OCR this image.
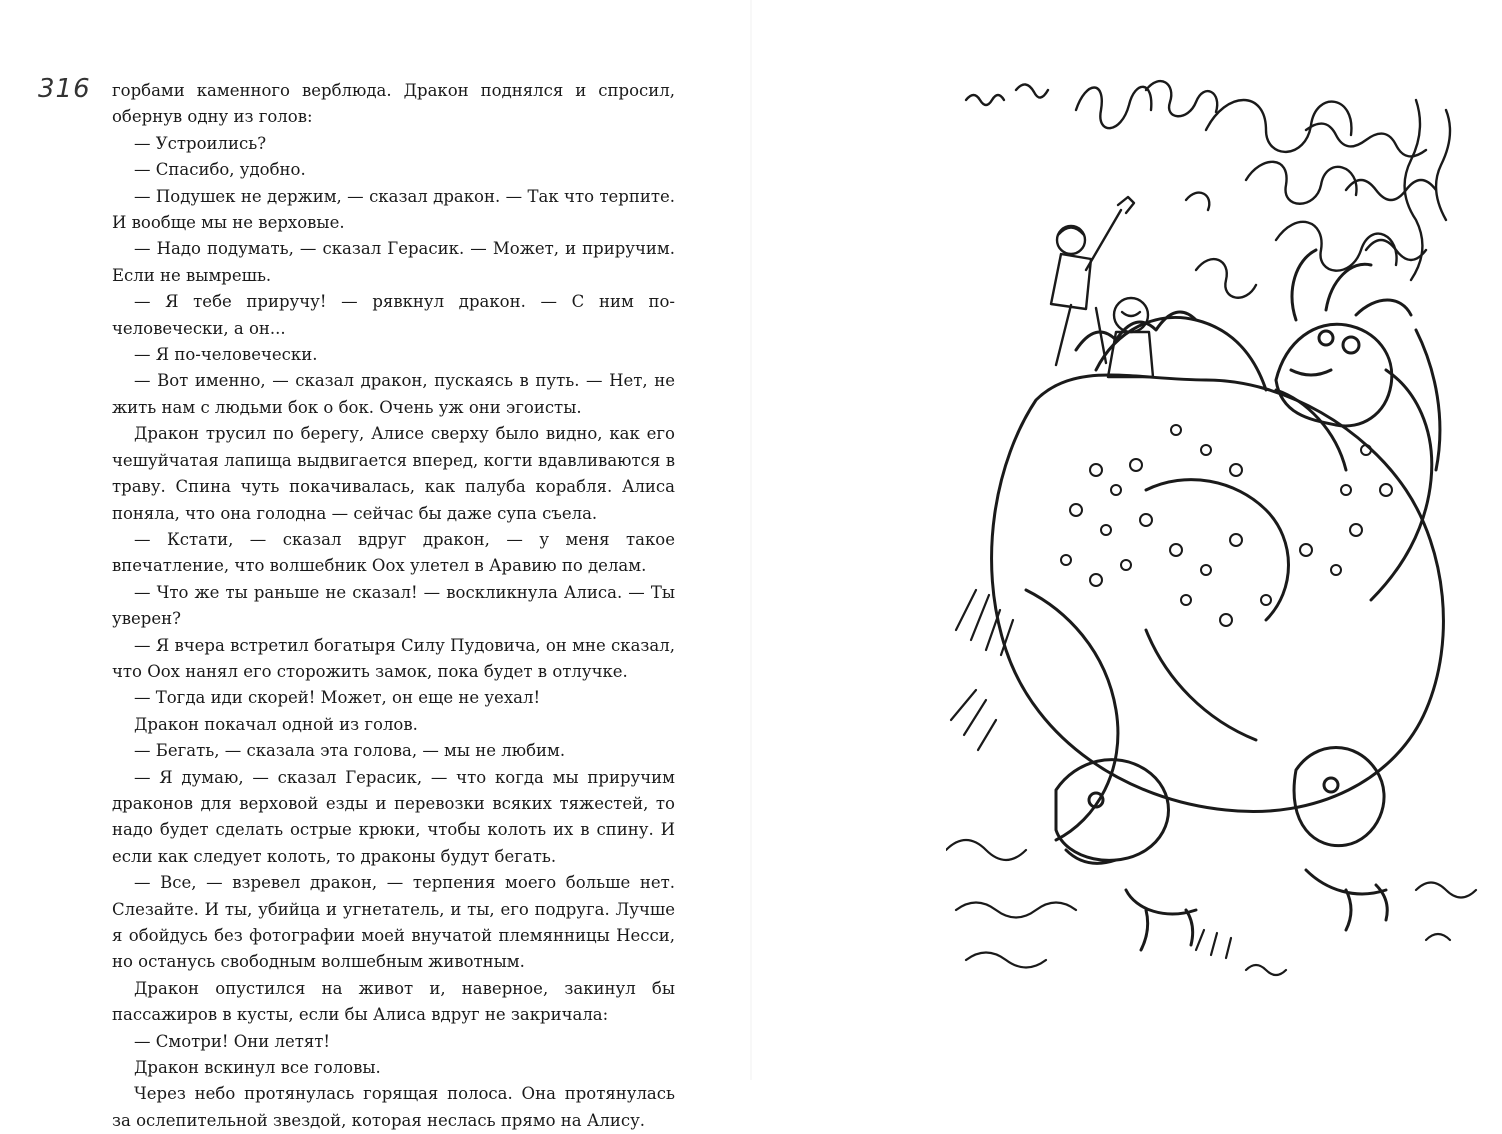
316 горбами каменного верблюда. Дракон поднялся и спросил, обернув одну из голов:

— Устроились?

— Спасибо, удобно.

— Подушек не держим, — сказал дракон. — Так что терпите. И вообще мы не верховые.

— Надо подумать, — сказал Герасик. — Может, и приручим. Если не вымрешь.

— Я тебе приручу! — рявкнул дракон. — С ним по-человечески, а он...

— Я по-человечески.

— Вот именно, — сказал дракон, пускаясь в путь. — Нет, не жить нам с людьми бок о бок. Очень уж они эгоисты.

Дракон трусил по берегу, Алисе сверху было видно, как его чешуйчатая лапища выдвигается вперед, когти вдавливаются в траву. Спина чуть покачивалась, как палуба корабля. Алиса поняла, что она голодна — сейчас бы даже супа съела.

— Кстати, — сказал вдруг дракон, — у меня такое впечатление, что волшебник Оох улетел в Аравию по делам.

— Что же ты раньше не сказал! — воскликнула Алиса. — Ты уверен?

— Я вчера встретил богатыря Силу Пудовича, он мне сказал, что Оох нанял его сторожить замок, пока будет в отлучке.

— Тогда иди скорей! Может, он еще не уехал!

Дракон покачал одной из голов.

— Бегать, — сказала эта голова, — мы не любим.

— Я думаю, — сказал Герасик, — что когда мы приручим драконов для верховой езды и перевозки всяких тяжестей, то надо будет сделать острые крюки, чтобы колоть их в спину. И если как следует колоть, то драконы будут бегать.

— Все, — взревел дракон, — терпения моего больше нет. Слезайте. И ты, убийца и угнетатель, и ты, его подруга. Лучше я обойдусь без фотографии моей внучатой племянницы Несси, но останусь свободным волшебным животным.

Дракон опустился на живот и, наверное, закинул бы пассажиров в кусты, если бы Алиса вдруг не закричала:

— Смотри! Они летят!

Дракон вскинул все головы.

Через небо протянулась горящая полоса. Она протянулась за ослепительной звездой, которая неслась прямо на Алису.
